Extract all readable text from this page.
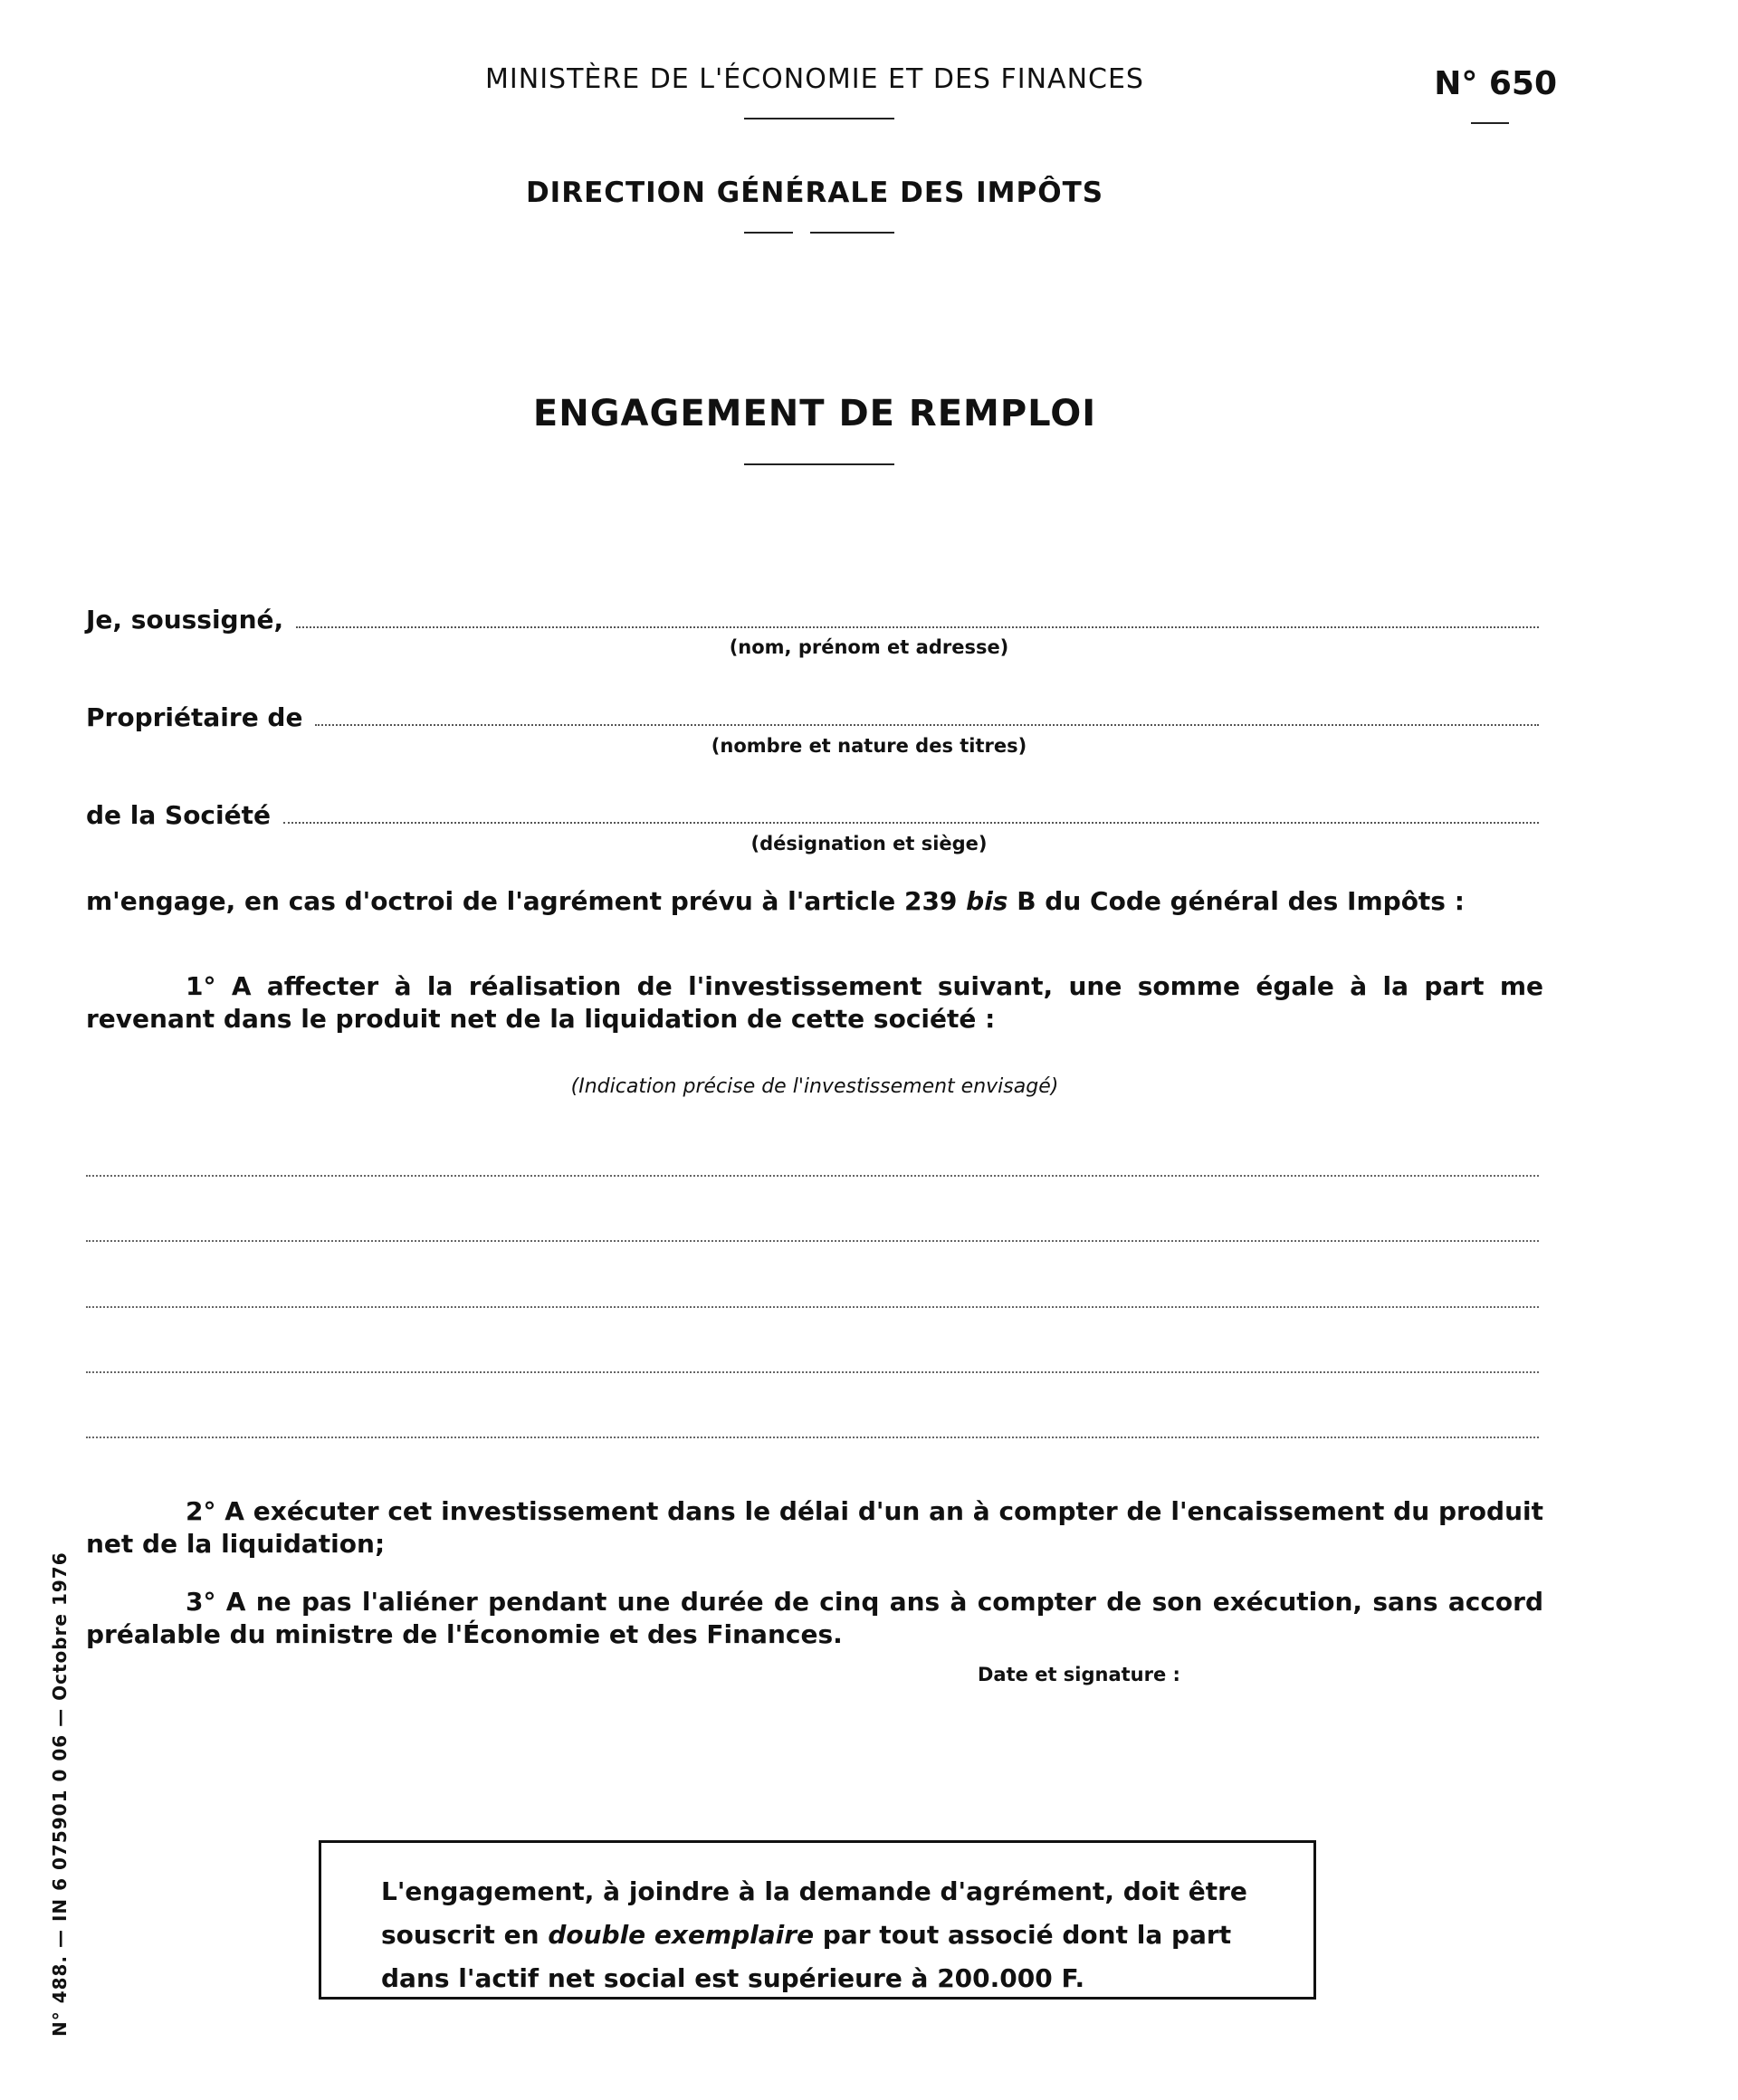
MINISTÈRE DE L'ÉCONOMIE ET DES FINANCES	N° 650
DIRECTION GÉNÉRALE DES IMPÔTS
ENGAGEMENT DE REMPLOI
Je, soussigné,
(nom, prénom et adresse)
Propriétaire de
(nombre et nature des titres)
de la Société
(désignation et siège)
m'engage, en cas d'octroi de l'agrément prévu à l'article 239 bis B du Code général des Impôts :
1° A affecter à la réalisation de l'investissement suivant, une somme égale à la part me revenant dans le produit net de la liquidation de cette société :
(Indication précise de l'investissement envisagé)
2° A exécuter cet investissement dans le délai d'un an à compter de l'encaissement du produit net de la liquidation;
3° A ne pas l'aliéner pendant une durée de cinq ans à compter de son exécution, sans accord préalable du ministre de l'Économie et des Finances.
Date et signature :
N° 488. — IN 6 075901 0 06 — Octobre 1976	L'engagement, à joindre à la demande d'agrément, doit être souscrit en double exemplaire par tout associé dont la part dans l'actif net social est supérieure à 200.000 F.
